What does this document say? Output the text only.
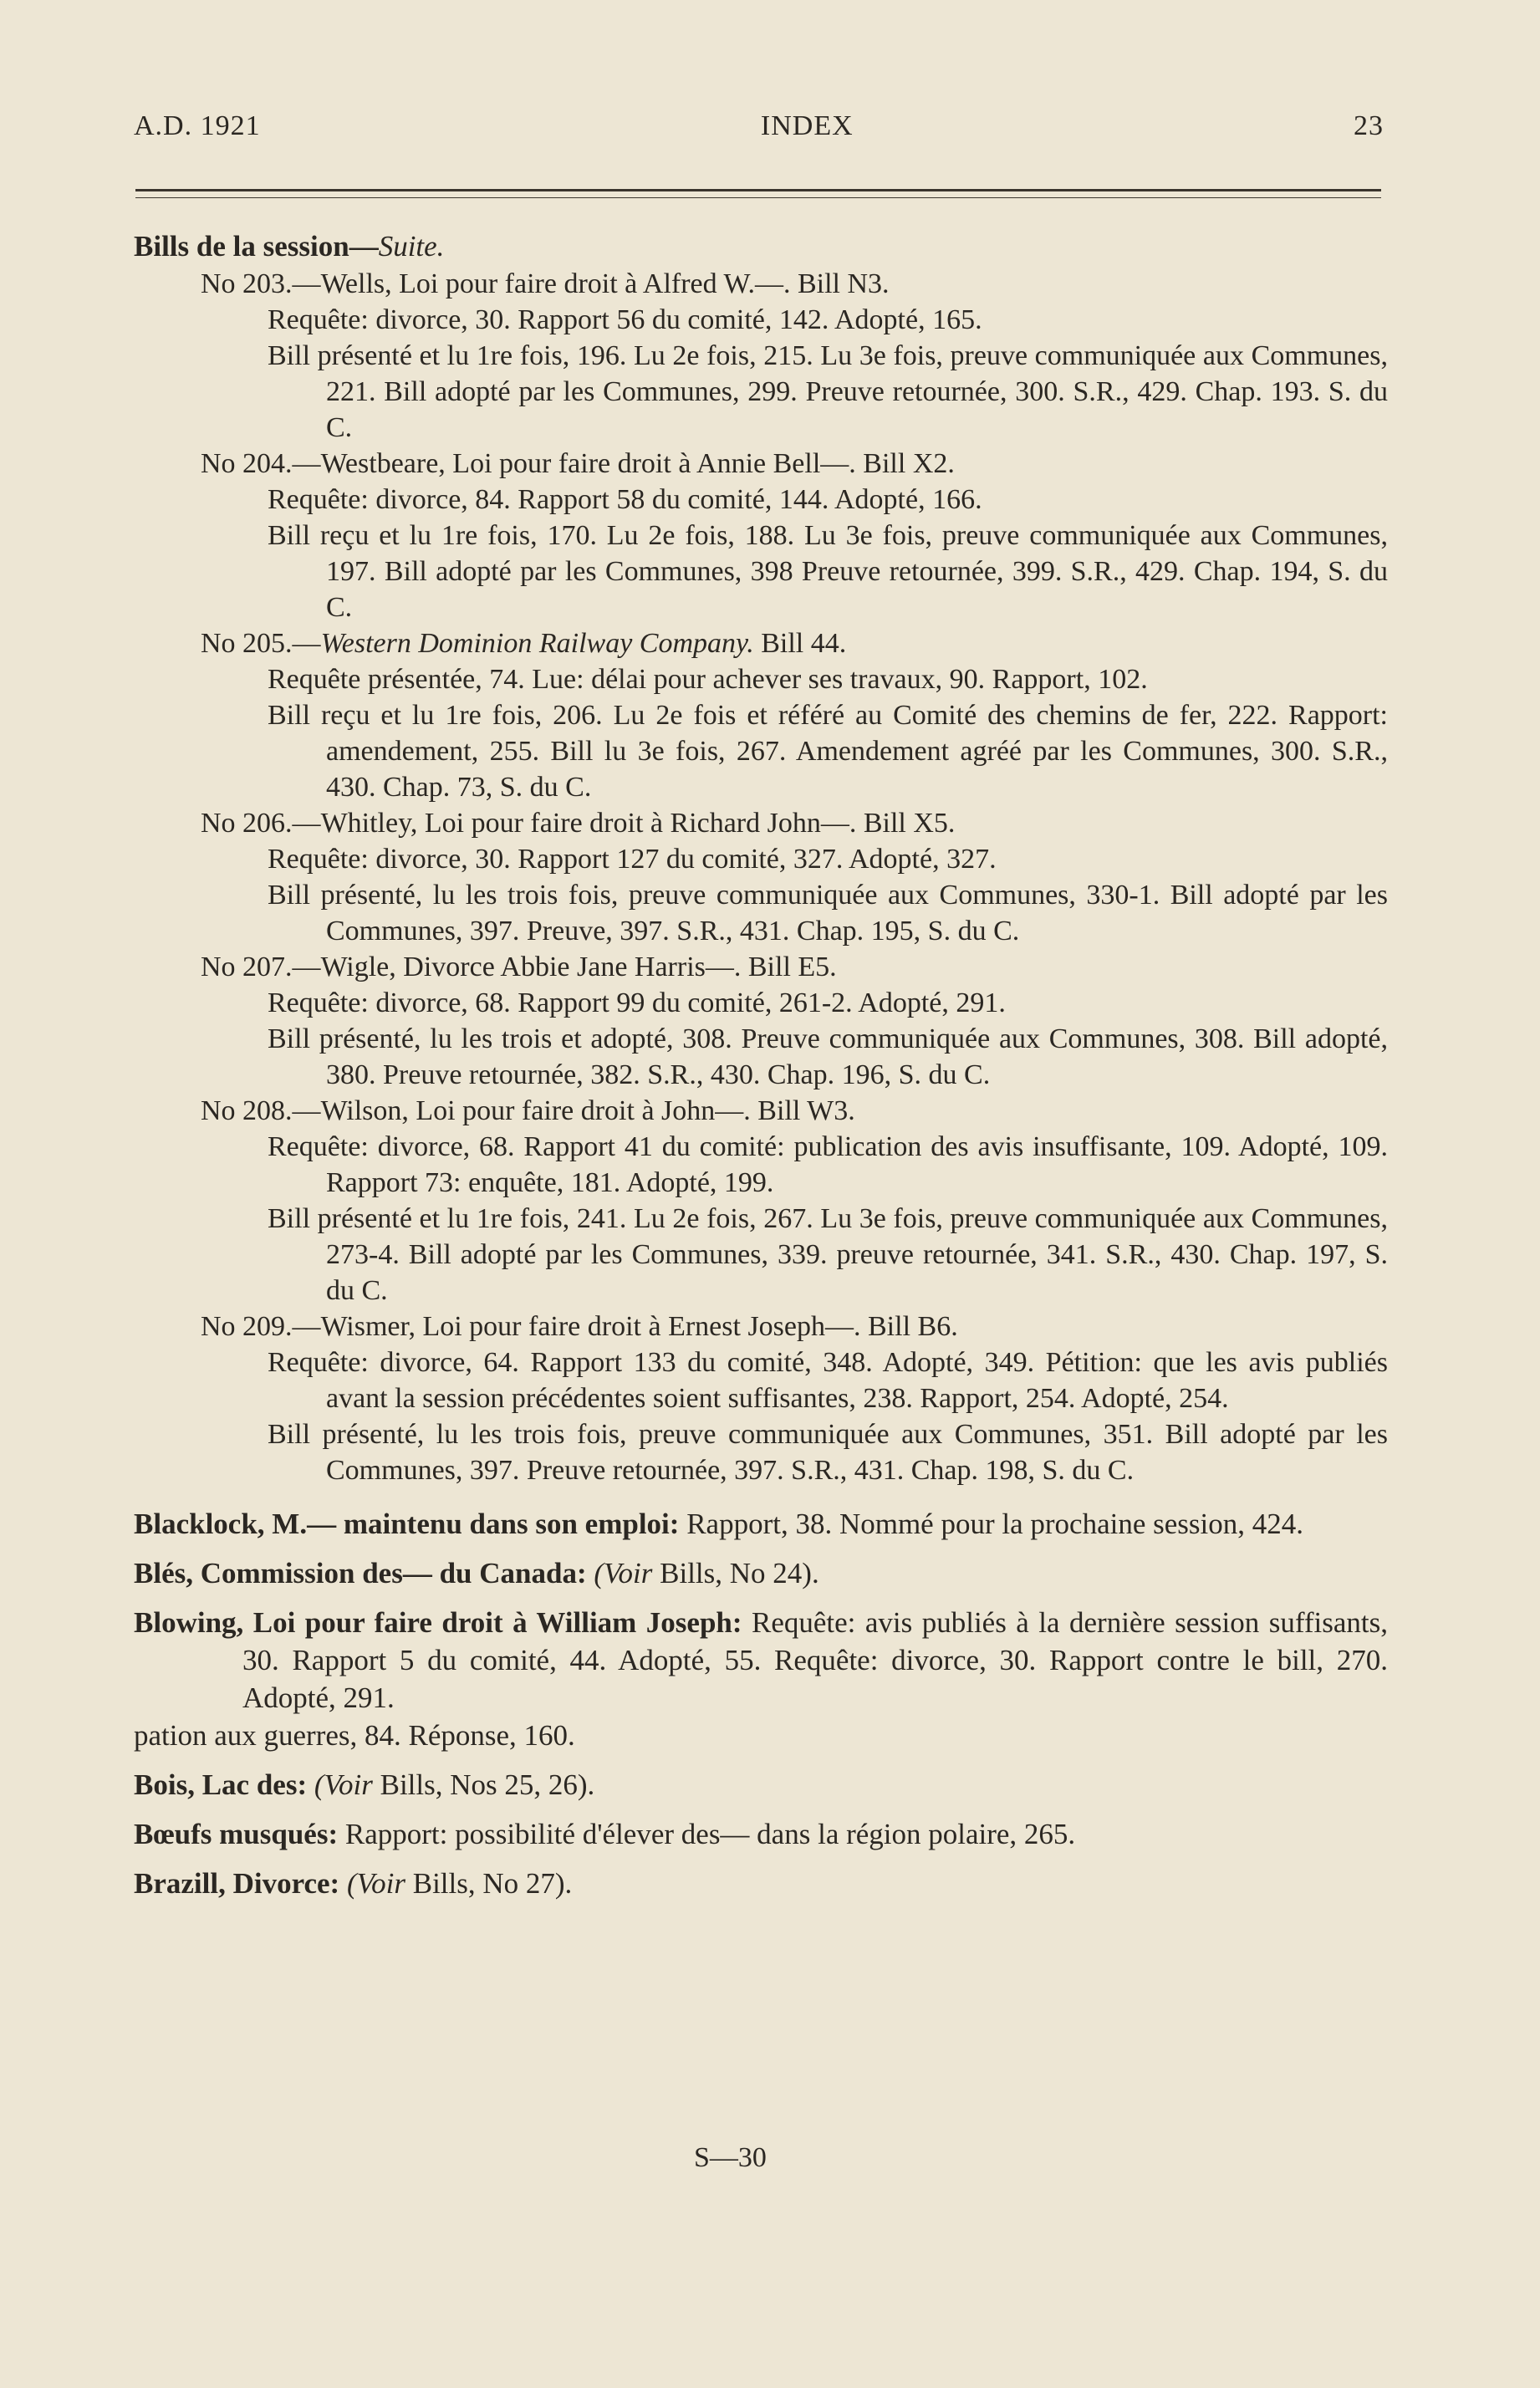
A.D. 1921	INDEX	23
Bills de la session—Suite.
No 203.—Wells, Loi pour faire droit à Alfred W.—. Bill N3.
Requête: divorce, 30. Rapport 56 du comité, 142. Adopté, 165.
Bill présenté et lu 1re fois, 196. Lu 2e fois, 215. Lu 3e fois, preuve communiquée aux Communes, 221. Bill adopté par les Communes, 299. Preuve retournée, 300. S.R., 429. Chap. 193. S. du C.
No 204.—Westbeare, Loi pour faire droit à Annie Bell—. Bill X2.
Requête: divorce, 84. Rapport 58 du comité, 144. Adopté, 166.
Bill reçu et lu 1re fois, 170. Lu 2e fois, 188. Lu 3e fois, preuve communiquée aux Communes, 197. Bill adopté par les Communes, 398 Preuve retournée, 399. S.R., 429. Chap. 194, S. du C.
No 205.—Western Dominion Railway Company. Bill 44.
Requête présentée, 74. Lue: délai pour achever ses travaux, 90. Rapport, 102.
Bill reçu et lu 1re fois, 206. Lu 2e fois et référé au Comité des chemins de fer, 222. Rapport: amendement, 255. Bill lu 3e fois, 267. Amendement agréé par les Communes, 300. S.R., 430. Chap. 73, S. du C.
No 206.—Whitley, Loi pour faire droit à Richard John—. Bill X5.
Requête: divorce, 30. Rapport 127 du comité, 327. Adopté, 327.
Bill présenté, lu les trois fois, preuve communiquée aux Communes, 330-1. Bill adopté par les Communes, 397. Preuve, 397. S.R., 431. Chap. 195, S. du C.
No 207.—Wigle, Divorce Abbie Jane Harris—. Bill E5.
Requête: divorce, 68. Rapport 99 du comité, 261-2. Adopté, 291.
Bill présenté, lu les trois et adopté, 308. Preuve communiquée aux Communes, 308. Bill adopté, 380. Preuve retournée, 382. S.R., 430. Chap. 196, S. du C.
No 208.—Wilson, Loi pour faire droit à John—. Bill W3.
Requête: divorce, 68. Rapport 41 du comité: publication des avis insuffisante, 109. Adopté, 109. Rapport 73: enquête, 181. Adopté, 199.
Bill présenté et lu 1re fois, 241. Lu 2e fois, 267. Lu 3e fois, preuve communiquée aux Communes, 273-4. Bill adopté par les Communes, 339. preuve retournée, 341. S.R., 430. Chap. 197, S. du C.
No 209.—Wismer, Loi pour faire droit à Ernest Joseph—. Bill B6.
Requête: divorce, 64. Rapport 133 du comité, 348. Adopté, 349. Pétition: que les avis publiés avant la session précédentes soient suffisantes, 238. Rapport, 254. Adopté, 254.
Bill présenté, lu les trois fois, preuve communiquée aux Communes, 351. Bill adopté par les Communes, 397. Preuve retournée, 397. S.R., 431. Chap. 198, S. du C.
Blacklock, M.— maintenu dans son emploi: Rapport, 38. Nommé pour la prochaine session, 424.
Blés, Commission des— du Canada: (Voir Bills, No 24).
Blowing, Loi pour faire droit à William Joseph: Requête: avis publiés à la dernière session suffisants, 30. Rapport 5 du comité, 44. Adopté, 55. Requête: divorce, 30. Rapport contre le bill, 270. Adopté, 291.
pation aux guerres, 84. Réponse, 160.
Bois, Lac des: (Voir Bills, Nos 25, 26).
Bœufs musqués: Rapport: possibilité d'élever des— dans la région polaire, 265.
Brazill, Divorce: (Voir Bills, No 27).
S—30
